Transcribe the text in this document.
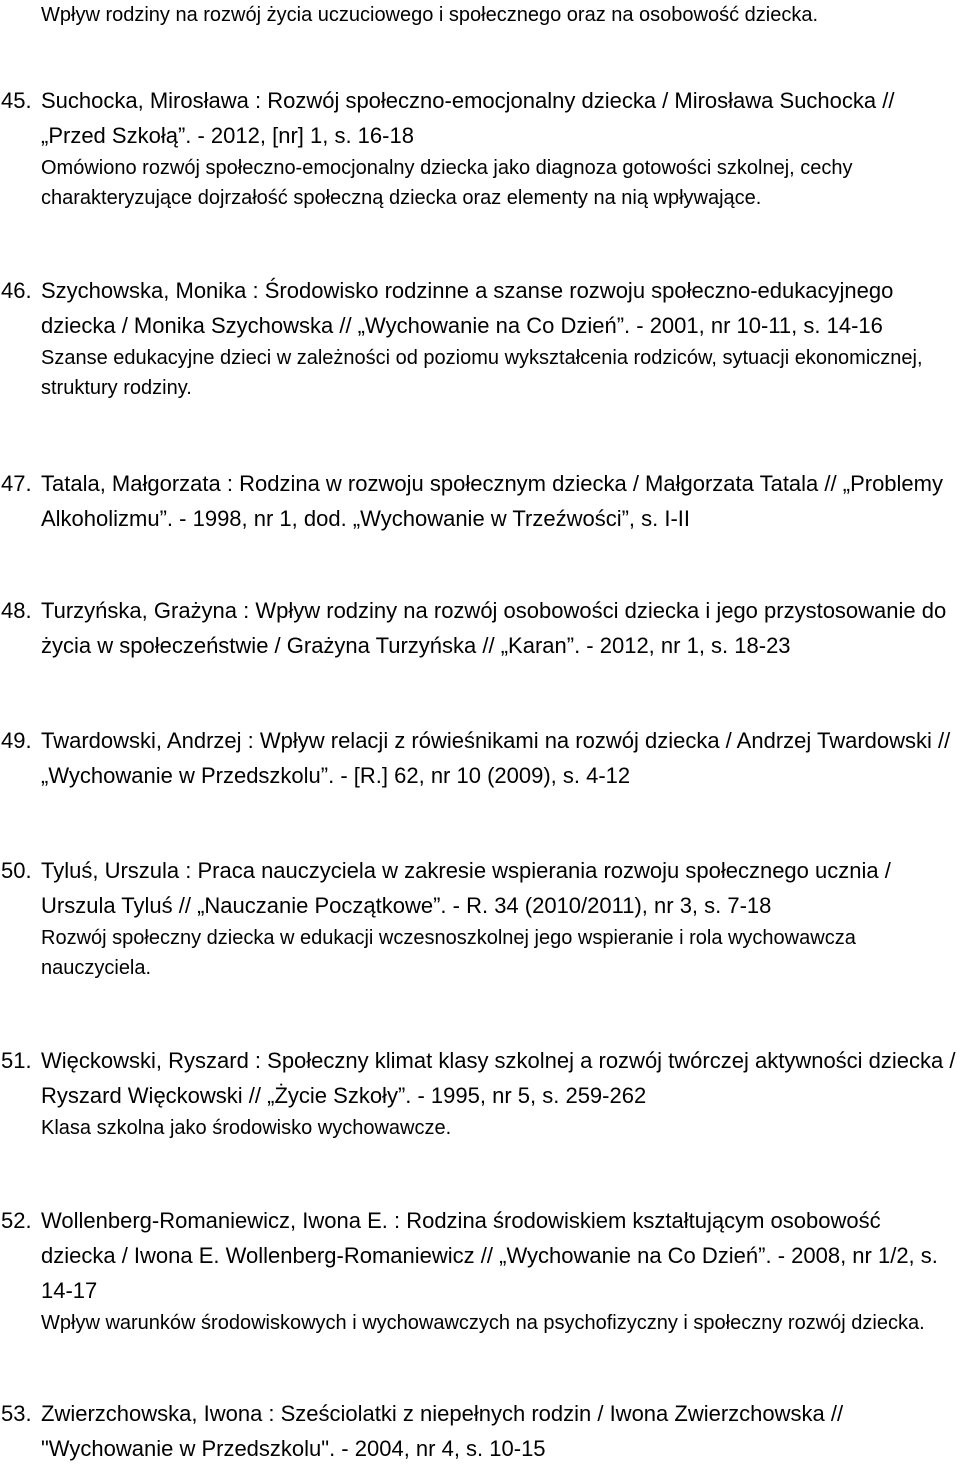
Wpływ rodziny na rozwój życia uczuciowego i społecznego oraz na osobowość dziecka.

45. Suchocka, Mirosława : Rozwój społeczno-emocjonalny dziecka / Mirosława Suchocka // „Przed Szkołą”. - 2012, [nr] 1, s. 16-18

Omówiono rozwój społeczno-emocjonalny dziecka jako diagnoza gotowości szkolnej, cechy charakteryzujące dojrzałość społeczną dziecka oraz elementy na nią wpływające.

46. Szychowska, Monika : Środowisko rodzinne a szanse rozwoju społeczno-edukacyjnego dziecka / Monika Szychowska // „Wychowanie na Co Dzień”. - 2001, nr 10-11, s. 14-16

Szanse edukacyjne dzieci w zależności od poziomu wykształcenia rodziców, sytuacji ekonomicznej, struktury rodziny.

47. Tatala, Małgorzata : Rodzina w rozwoju społecznym dziecka / Małgorzata Tatala // „Problemy Alkoholizmu”. - 1998, nr 1, dod. „Wychowanie w Trzeźwości”, s. I-II

48. Turzyńska, Grażyna : Wpływ rodziny na rozwój osobowości dziecka i jego przystosowanie do życia w społeczeństwie / Grażyna Turzyńska // „Karan”. - 2012, nr 1, s. 18-23

49. Twardowski, Andrzej : Wpływ relacji z rówieśnikami na rozwój dziecka / Andrzej Twardowski // „Wychowanie w Przedszkolu”. - [R.] 62, nr 10 (2009), s. 4-12

50. Tyluś, Urszula : Praca nauczyciela w zakresie wspierania rozwoju społecznego ucznia / Urszula Tyluś // „Nauczanie Początkowe”. - R. 34 (2010/2011), nr 3, s. 7-18

Rozwój społeczny dziecka w edukacji wczesnoszkolnej jego wspieranie i rola wychowawcza nauczyciela.

51. Więckowski, Ryszard : Społeczny klimat klasy szkolnej a rozwój twórczej aktywności dziecka / Ryszard Więckowski // „Życie Szkoły”. - 1995, nr 5, s. 259-262

Klasa szkolna jako środowisko wychowawcze.

52. Wollenberg-Romaniewicz, Iwona E. : Rodzina środowiskiem kształtującym osobowość dziecka / Iwona E. Wollenberg-Romaniewicz // „Wychowanie na Co Dzień”. - 2008, nr 1/2, s. 14-17

Wpływ warunków środowiskowych i wychowawczych na psychofizyczny i społeczny rozwój dziecka.

53. Zwierzchowska, Iwona : Sześciolatki z niepełnych rodzin / Iwona Zwierzchowska // "Wychowanie w Przedszkolu". - 2004, nr 4, s. 10-15
